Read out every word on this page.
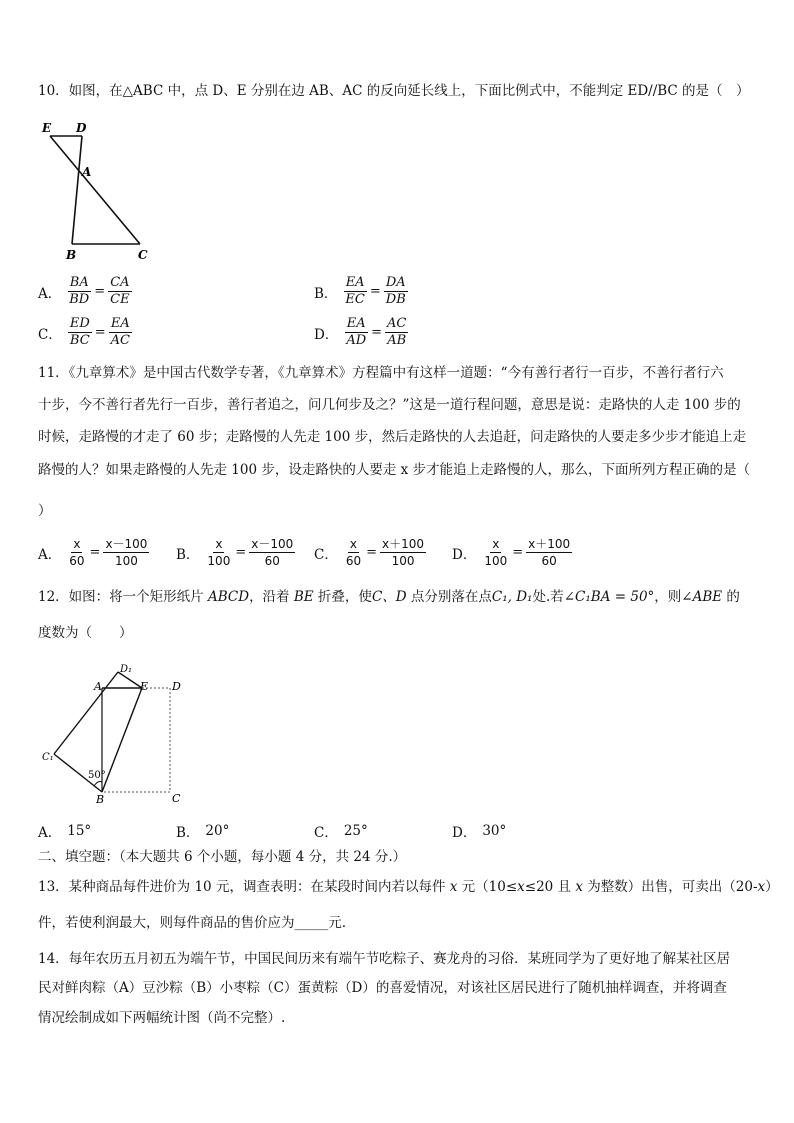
10．如图，在△ABC 中，点 D、E 分别在边 AB、AC 的反向延长线上，下面比例式中，不能判定 ED//BC 的是（　）
E D
A
B	C
A． $\frac{BA}{BD} = \frac{CA}{CE}$	B． $\frac{EA}{EC} = \frac{DA}{DB}$
C． $\frac{ED}{BC} = \frac{EA}{AC}$	D． $\frac{EA}{AD} = \frac{AC}{AB}$
11．《九章算术》是中国古代数学专著，《九章算术》方程篇中有这样一道题：“今有善行者行一百步，不善行者行六
十步，今不善行者先行一百步，善行者追之，问几何步及之？”这是一道行程问题，意思是说：走路快的人走 100 步的
时候，走路慢的才走了 60 步；走路慢的人先走 100 步，然后走路快的人去追赶，问走路快的人要走多少步才能追上走
路慢的人？如果走路慢的人先走 100 步，设走路快的人要走 x 步才能追上走路慢的人，那么，下面所列方程正确的是（
）
A． $\frac{x}{60} = \frac{x-100}{100}$ B． $\frac{x}{100} = \frac{x-100}{60}$ C． $\frac{x}{60} = \frac{x+100}{100}$ D． $\frac{x}{100} = \frac{x+100}{60}$
12．如图：将一个矩形纸片 ABCD，沿着 BE 折叠，使C、D 点分别落在点C₁, D₁处.若∠C₁BA = 50°，则∠ABE 的
度数为（　　）
D₁
A	E D
C₁
50°
B	C
A． 15°	B． 20°	C． 25°	D． 30°
二、填空题：（本大题共 6 个小题，每小题 4 分，共 24 分.）
13．某种商品每件进价为 10 元，调查表明：在某段时间内若以每件 x 元（10≤x≤20 且 x 为整数）出售，可卖出（20-x）
件，若使利润最大，则每件商品的售价应为_____元.
14．每年农历五月初五为端午节，中国民间历来有端午节吃粽子、赛龙舟的习俗．某班同学为了更好地了解某社区居
民对鲜肉粽（A）豆沙粽（B）小枣粽（C）蛋黄粽（D）的喜爱情况，对该社区居民进行了随机抽样调查，并将调查
情况绘制成如下两幅统计图（尚不完整）.
